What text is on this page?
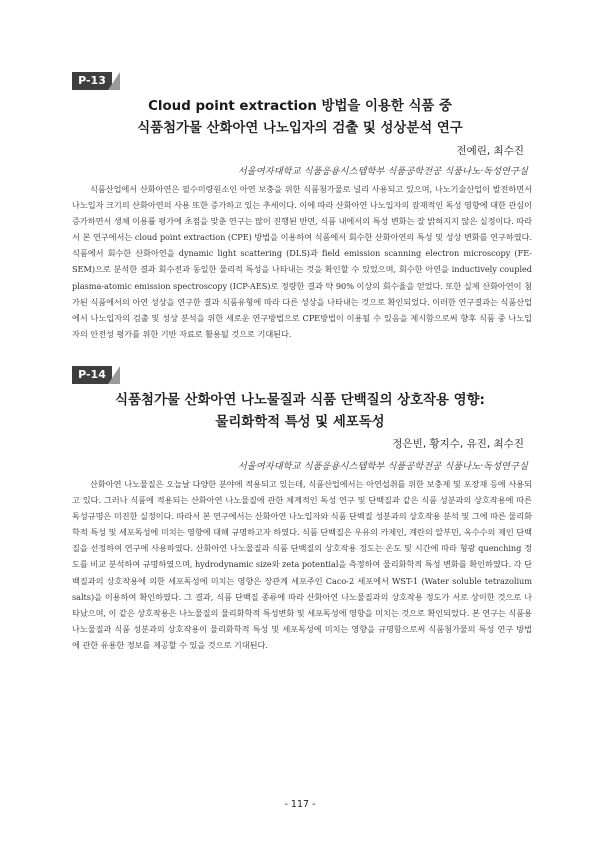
P-13
Cloud point extraction 방법을 이용한 식품 중
식품첨가물 산화아연 나노입자의 검출 및 성상분석 연구
전예린, 최수진
서울여자대학교 식품응용시스템학부 식품공학전공 식품나노·독성연구실
식품산업에서 산화아연은 필수미량원소인 아연 보충을 위한 식품첨가물로 널리 사용되고 있으며, 나노기술산업이 발전하면서 나노입자 크기의 산화아연의 사용 또한 증가하고 있는 추세이다. 이에 따라 산화아연 나노입자의 잠재적인 독성 영향에 대한 관심이 증가하면서 생체 이용률 평가에 초점을 맞춘 연구는 많이 진행된 반면, 식품 내에서의 특성 변화는 잘 밝혀지지 않은 실정이다. 따라서 본 연구에서는 cloud point extraction (CPE) 방법을 이용하여 식품에서 회수한 산화아연의 특성 및 성상 변화를 연구하였다. 식품에서 회수한 산화아연을 dynamic light scattering (DLS)과 field emission scanning electron microscopy (FE-SEM)으로 분석한 결과 회수전과 동일한 물리적 특성을 나타내는 것을 확인할 수 있었으며, 회수한 아연을 inductively coupled plasma-atomic emission spectroscopy (ICP-AES)로 정량한 결과 약 90% 이상의 회수율을 얻었다. 또한 실제 산화아연이 첨가된 식품에서의 아연 성상을 연구한 결과 식품유형에 따라 다른 성상을 나타내는 것으로 확인되었다. 이러한 연구결과는 식품산업에서 나노입자의 검출 및 성상 분석을 위한 새로운 연구방법으로 CPE방법이 이용될 수 있음을 제시함으로써 향후 식품 중 나노입자의 안전성 평가를 위한 기반 자료로 활용될 것으로 기대된다.
P-14
식품첨가물 산화아연 나노물질과 식품 단백질의 상호작용 영향:
물리화학적 특성 및 세포독성
정은빈, 황지수, 유진, 최수진
서울여자대학교 식품응용시스템학부 식품공학전공 식품나노·독성연구실
산화아연 나노물질은 오늘날 다양한 분야에 적용되고 있는데, 식품산업에서는 아연섭취를 위한 보충제 및 포장재 등에 사용되고 있다. 그러나 식품에 적용되는 산화아연 나노물질에 관한 체계적인 독성 연구 및 단백질과 같은 식품 성분과의 상호작용에 따른 독성규명은 미진한 실정이다. 따라서 본 연구에서는 산화아연 나노입자와 식품 단백질 성분과의 상호작용 분석 및 그에 따른 물리화학적 특성 및 세포독성에 미치는 영향에 대해 규명하고자 하였다. 식품 단백질은 우유의 카제인, 계란의 알부민, 옥수수의 제인 단백질을 선정하여 연구에 사용하였다. 산화아연 나노물질과 식품 단백질의 상호작용 정도는 온도 및 시간에 따라 형광 quenching 정도를 비교 분석하여 규명하였으며, hydrodynamic size와 zeta potential을 측정하여 물리화학적 특성 변화를 확인하였다. 각 단백질과의 상호작용에 의한 세포독성에 미치는 영향은 장관계 세포주인 Caco-2 세포에서 WST-1 (Water soluble tetrazolium salts)을 이용하여 확인하였다. 그 결과, 식품 단백질 종류에 따라 산화아연 나노물질과의 상호작용 정도가 서로 상이한 것으로 나타났으며, 이 같은 상호작용은 나노물질의 물리화학적 특성변화 및 세포독성에 영향을 미치는 것으로 확인되었다. 본 연구는 식품용 나노물질과 식품 성분과의 상호작용이 물리화학적 특성 및 세포독성에 미치는 영향을 규명함으로써 식품첨가물의 특성 연구 방법에 관한 유용한 정보를 제공할 수 있을 것으로 기대된다.
- 117 -
